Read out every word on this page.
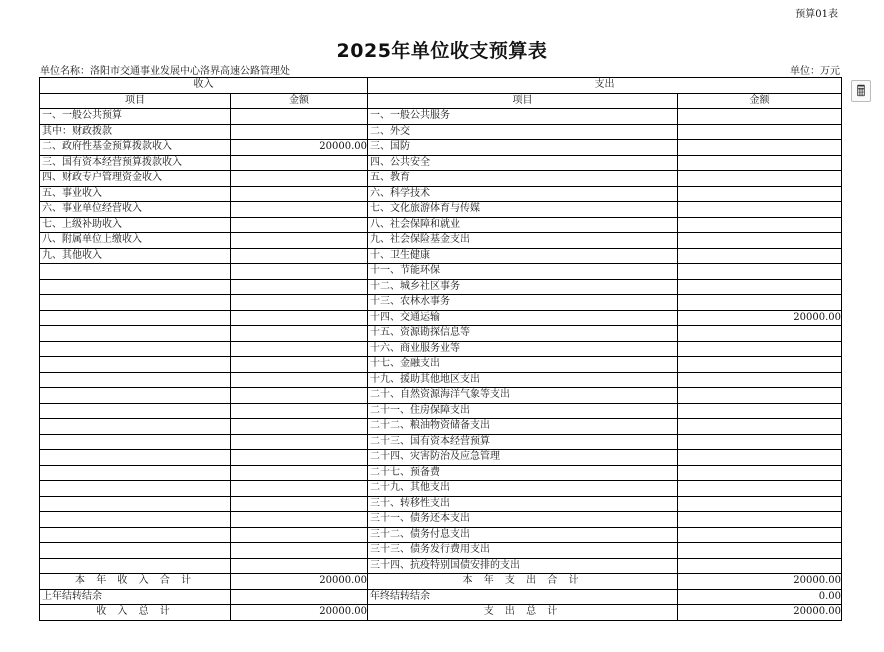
预算01表
2025年单位收支预算表
单位名称：洛阳市交通事业发展中心洛界高速公路管理处	单位：万元
🖩
收入		支出	
项目	金额	项目	金额
一、一般公共预算		一、一般公共服务	
其中：财政拨款		二、外交	
二、政府性基金预算拨款收入	20000.00	三、国防	
三、国有资本经营预算拨款收入		四、公共安全	
四、财政专户管理资金收入		五、教育	
五、事业收入		六、科学技术	
六、事业单位经营收入		七、文化旅游体育与传媒	
七、上级补助收入		八、社会保障和就业	
八、附属单位上缴收入		九、社会保险基金支出	
九、其他收入		十、卫生健康	
		十一、节能环保	
		十二、城乡社区事务	
		十三、农林水事务	
		十四、交通运输	20000.00
		十五、资源勘探信息等	
		十六、商业服务业等	
		十七、金融支出	
		十九、援助其他地区支出	
		二十、自然资源海洋气象等支出	
		二十一、住房保障支出	
		二十二、粮油物资储备支出	
		二十三、国有资本经营预算	
		二十四、灾害防治及应急管理	
		二十七、预备费	
		二十九、其他支出	
		三十、转移性支出	
		三十一、债务还本支出	
		三十二、债务付息支出	
		三十三、债务发行费用支出	
		三十四、抗疫特别国债安排的支出	
本 年 收 入 合 计	20000.00	本 年 支 出 合 计	20000.00
上年结转结余		年终结转结余	0.00
收 入 总 计	20000.00	支 出 总 计	20000.00
